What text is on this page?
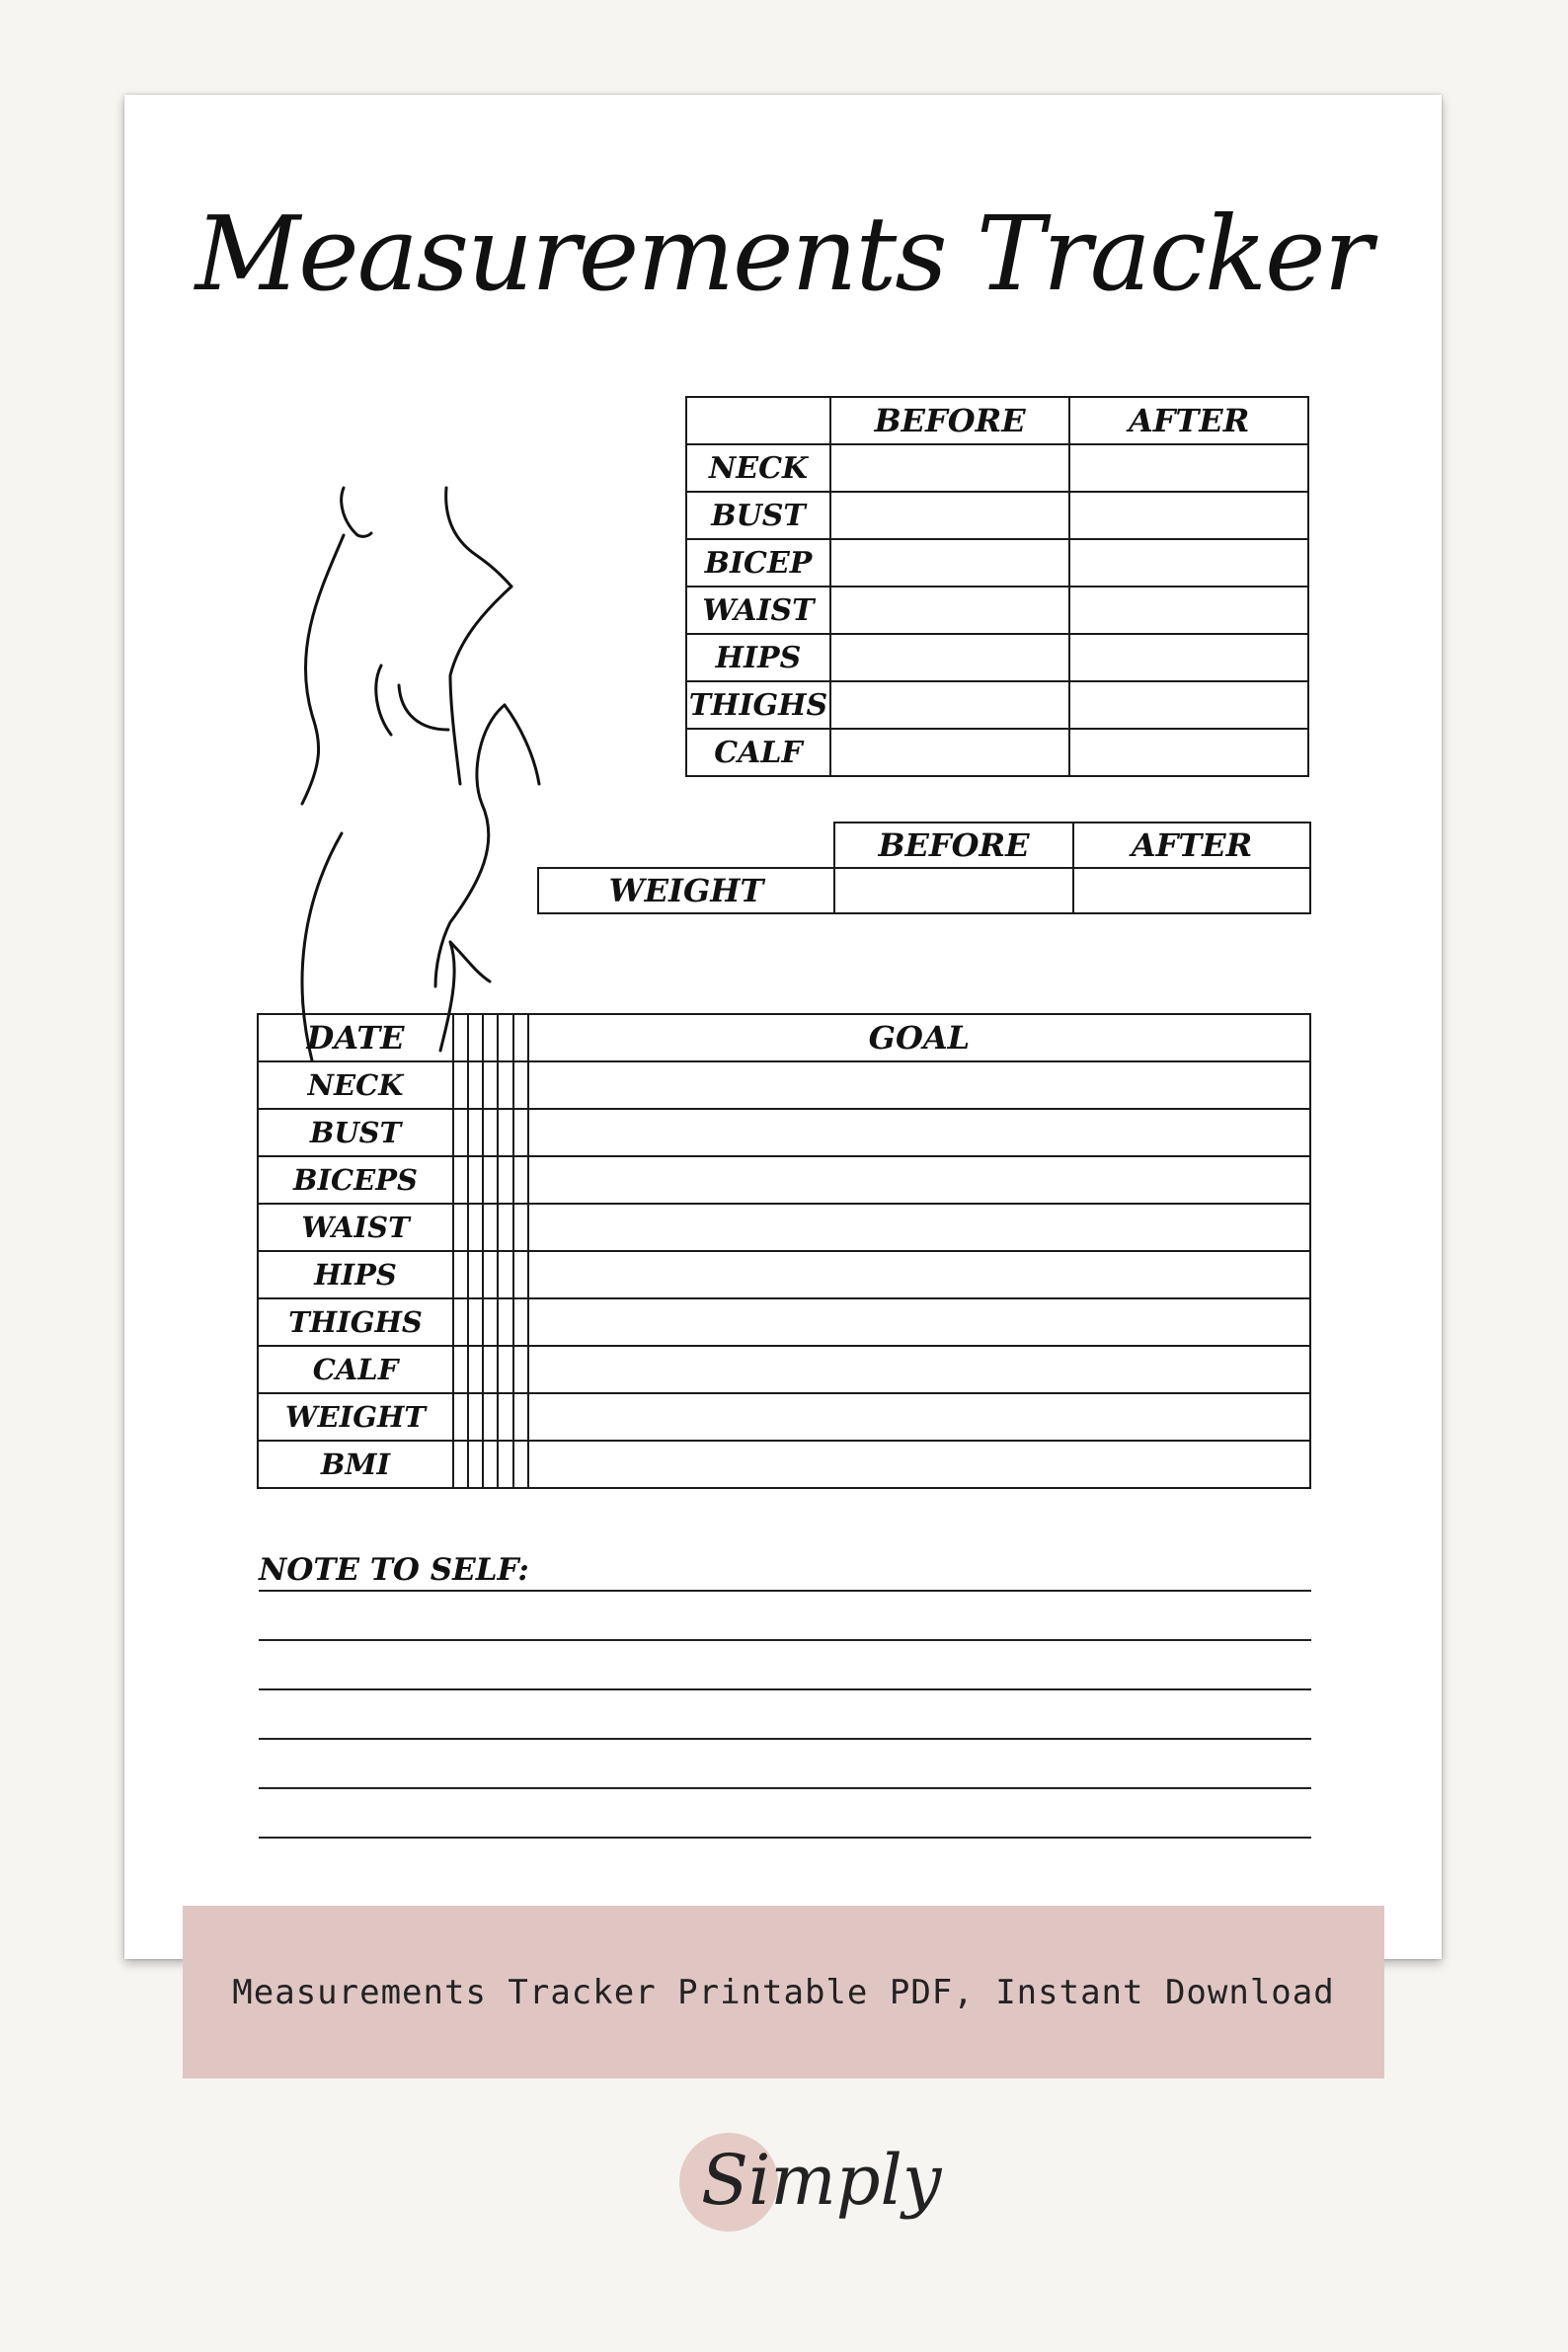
Measurements Tracker
	BEFORE	AFTER
NECK		
BUST		
BICEP		
WAIST		
HIPS		
THIGHS		
CALF		
BEFORE	AFTER
WEIGHT
DATE						GOAL
NECK						
BUST						
BICEPS						
WAIST						
HIPS						
THIGHS						
CALF						
WEIGHT						
BMI						
NOTE TO SELF:
Measurements Tracker Printable PDF, Instant Download
Simply
